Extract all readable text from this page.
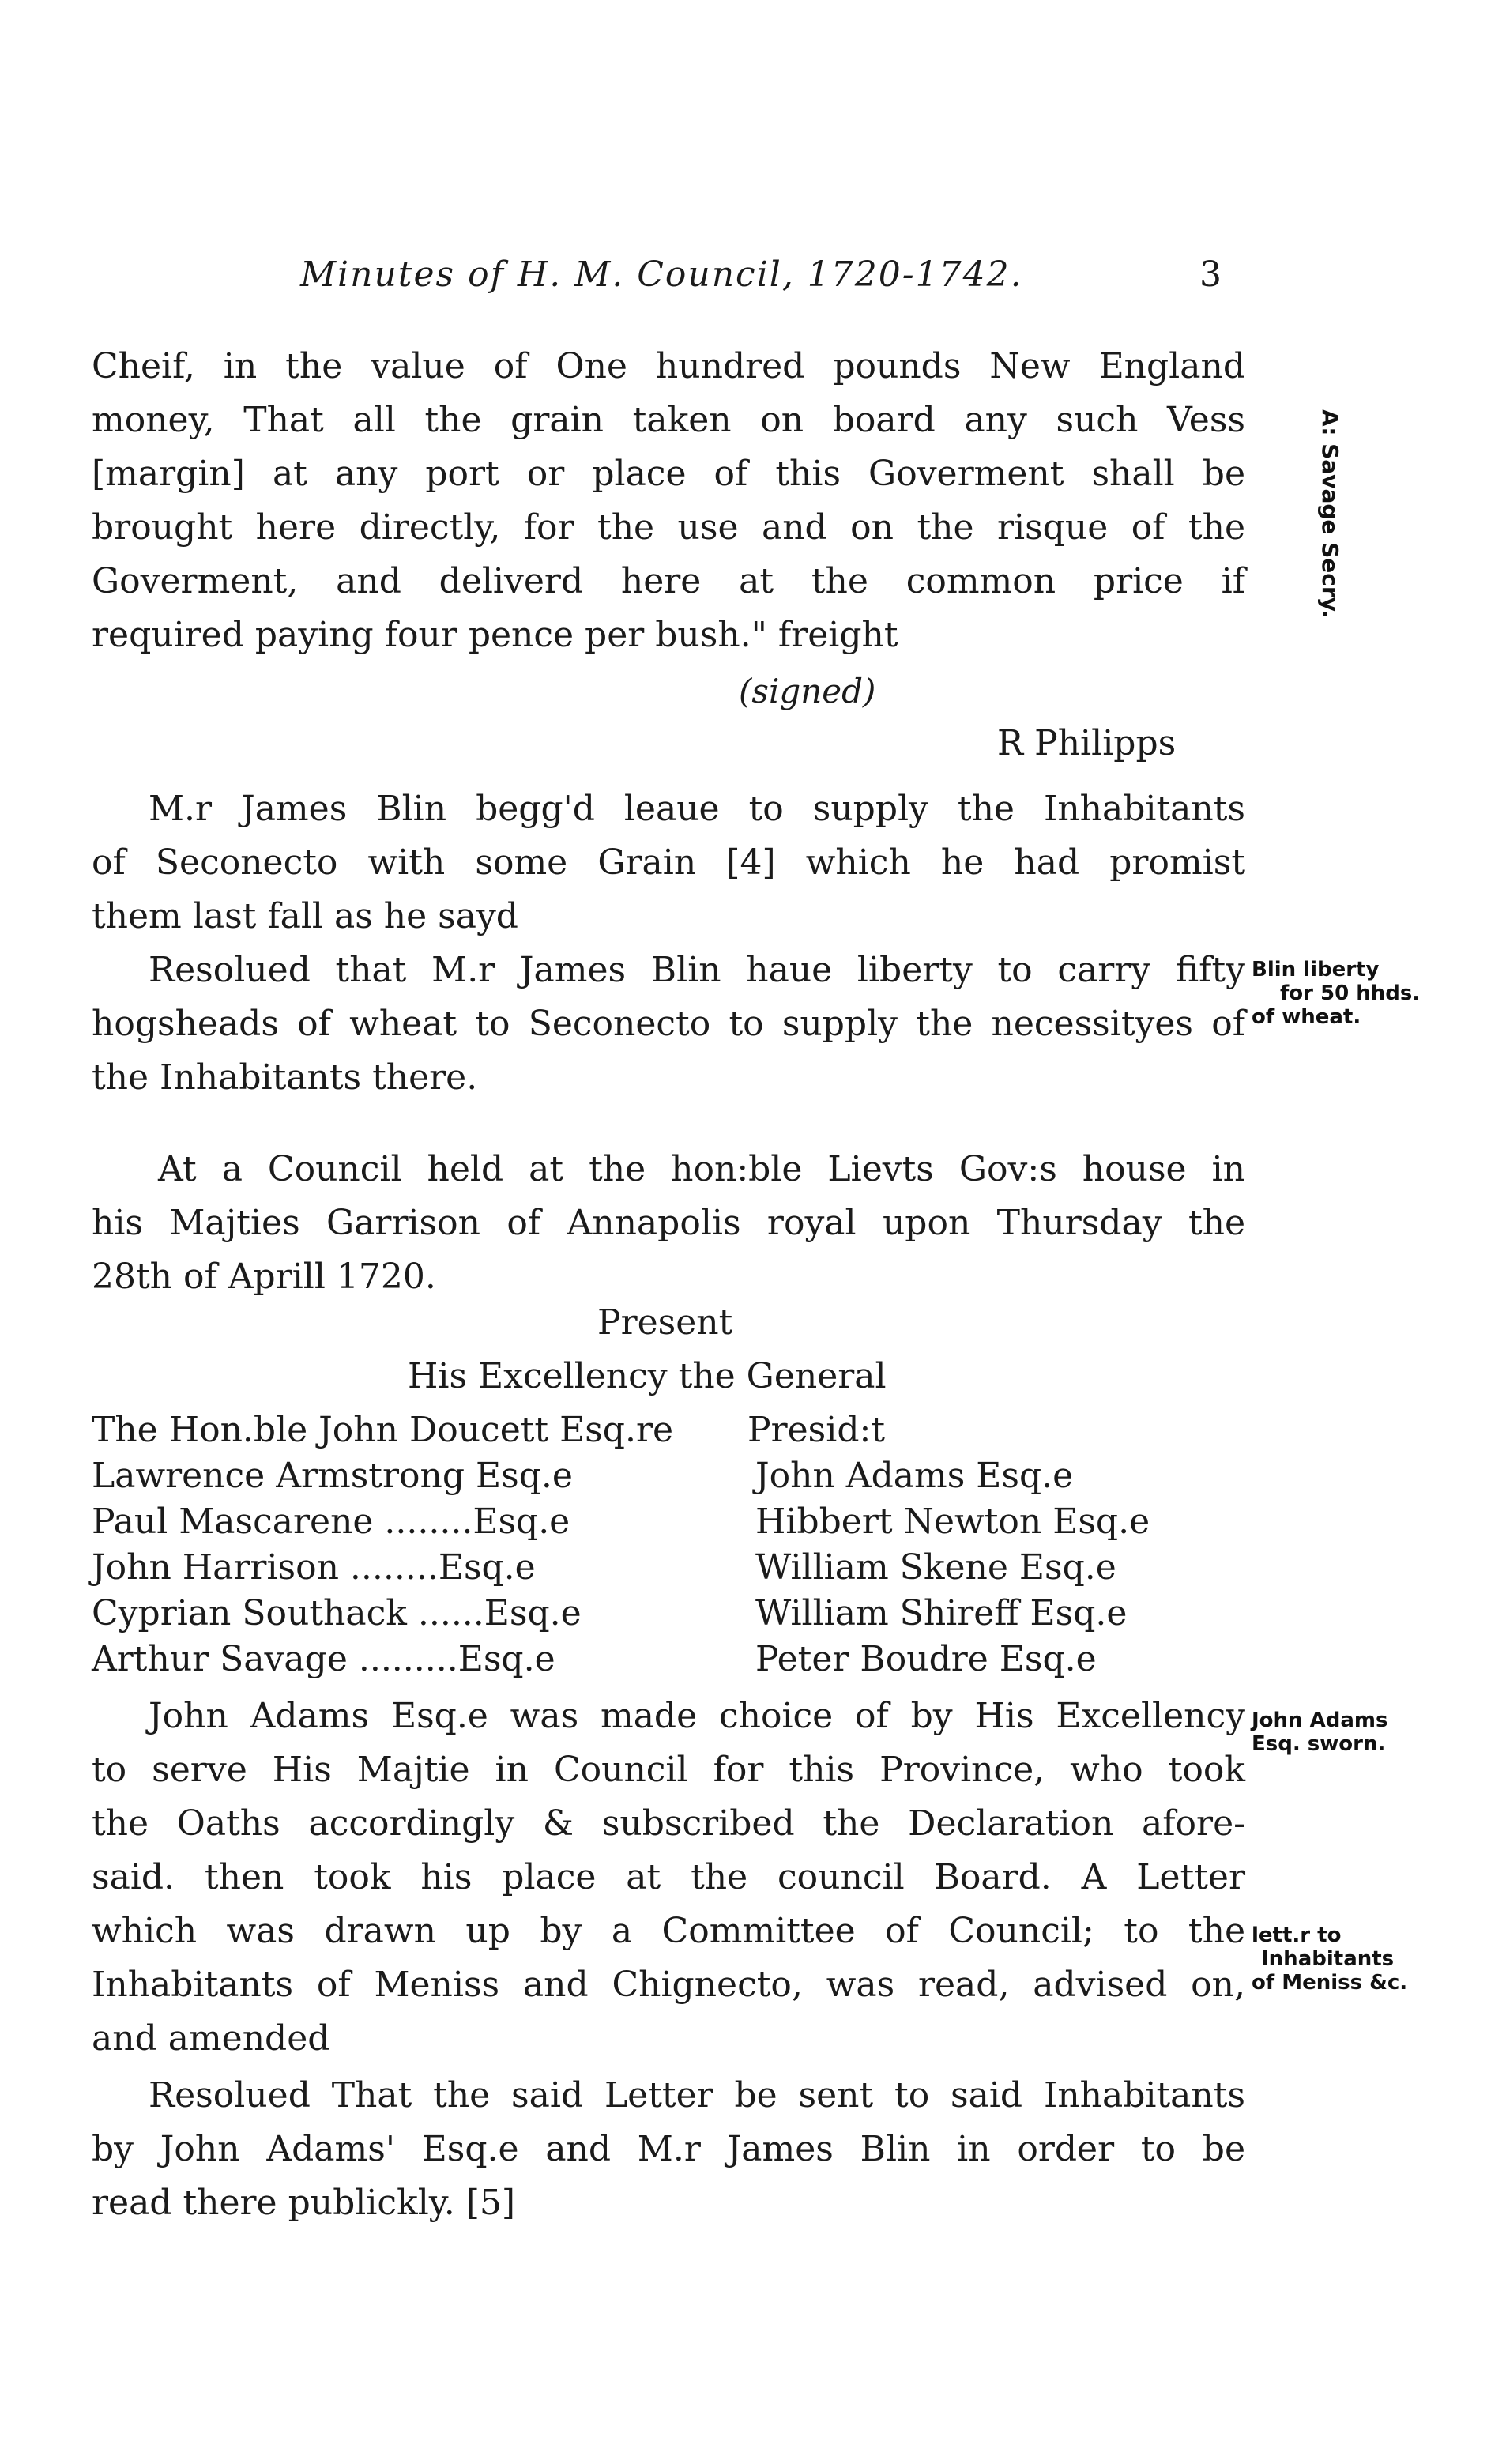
Minutes of H. M. Council, 1720-1742.	3
Cheif, in the value of One hundred pounds New England
money, That all the grain taken on board any such Vess
[margin] at any port or place of this Goverment shall be
brought here directly, for the use and on the risque of the
Goverment, and deliverd here at the common price if
required paying four pence per bush." freight
(signed)
R Philipps
M.r James Blin begg'd leaue to supply the Inhabitants
of Seconecto with some Grain [4] which he had promist
them last fall as he sayd
Resolued that M.r James Blin haue liberty to carry fifty
hogsheads of wheat to Seconecto to supply the necessityes of
the Inhabitants there.
At a Council held at the hon:ble Lievts Gov:s house in
his Majties Garrison of Annapolis royal upon Thursday the
28th of Aprill 1720.
Present
His Excellency the General
The Hon.ble John Doucett Esq.re Presid:t
Lawrence Armstrong Esq.e	John Adams Esq.e
Paul Mascarene ........Esq.e	Hibbert Newton Esq.e
John Harrison ........Esq.e	William Skene Esq.e
Cyprian Southack ......Esq.e	William Shireff Esq.e
Arthur Savage .........Esq.e	Peter Boudre Esq.e
John Adams Esq.e was made choice of by His Excellency
to serve His Majtie in Council for this Province, who took
the Oaths accordingly & subscribed the Declaration afore-
said. then took his place at the council Board. A Letter
which was drawn up by a Committee of Council; to the
Inhabitants of Meniss and Chignecto, was read, advised on,
and amended
Resolued That the said Letter be sent to said Inhabitants
by John Adams' Esq.e and M.r James Blin in order to be
read there publickly. [5]
A: Savage Secry.
Blin liberty
for 50 hhds.
of wheat.
John Adams
Esq. sworn.
lett.r to
Inhabitants
of Meniss &c.
